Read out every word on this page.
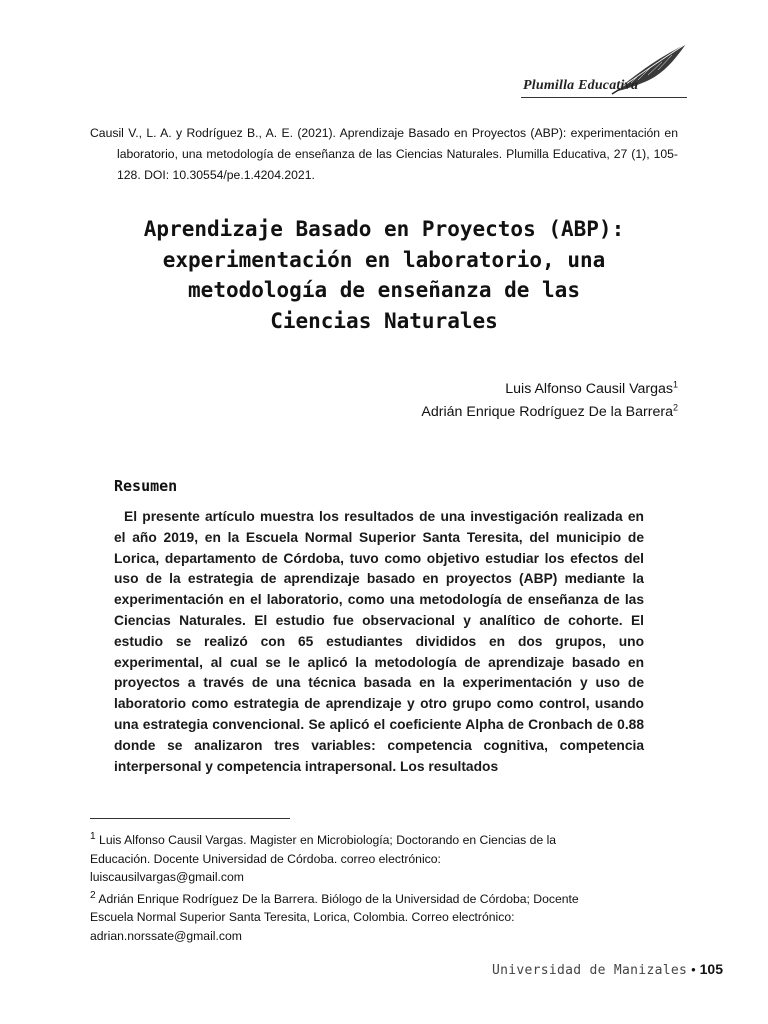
Plumilla Educativa
Causil V., L. A. y Rodríguez B., A. E. (2021). Aprendizaje Basado en Proyectos (ABP): experimentación en laboratorio, una metodología de enseñanza de las Ciencias Naturales. Plumilla Educativa, 27 (1), 105-128. DOI: 10.30554/pe.1.4204.2021.
Aprendizaje Basado en Proyectos (ABP):
experimentación en laboratorio, una
metodología de enseñanza de las
Ciencias Naturales
Luis Alfonso Causil Vargas$^1$
Adrián Enrique Rodríguez De la Barrera$^2$
Resumen

El presente artículo muestra los resultados de una investigación realizada en el año 2019, en la Escuela Normal Superior Santa Teresita, del municipio de Lorica, departamento de Córdoba, tuvo como objetivo estudiar los efectos del uso de la estrategia de aprendizaje basado en proyectos (ABP) mediante la experimentación en el laboratorio, como una metodología de enseñanza de las Ciencias Naturales. El estudio fue observacional y analítico de cohorte. El estudio se realizó con 65 estudiantes divididos en dos grupos, uno experimental, al cual se le aplicó la metodología de aprendizaje basado en proyectos a través de una técnica basada en la experimentación y uso de laboratorio como estrategia de aprendizaje y otro grupo como control, usando una estrategia convencional. Se aplicó el coeficiente Alpha de Cronbach de 0.88 donde se analizaron tres variables: competencia cognitiva, competencia interpersonal y competencia intrapersonal. Los resultados

$^1$ Luis Alfonso Causil Vargas. Magister en Microbiología; Doctorando en Ciencias de la

Educación. Docente Universidad de Córdoba. correo electrónico:

luiscausilvargas@gmail.com

$^2$ Adrián Enrique Rodríguez De la Barrera. Biólogo de la Universidad de Córdoba; Docente

Escuela Normal Superior Santa Teresita, Lorica, Colombia. Correo electrónico:

adrian.norssate@gmail.com

Universidad de Manizales • 105
